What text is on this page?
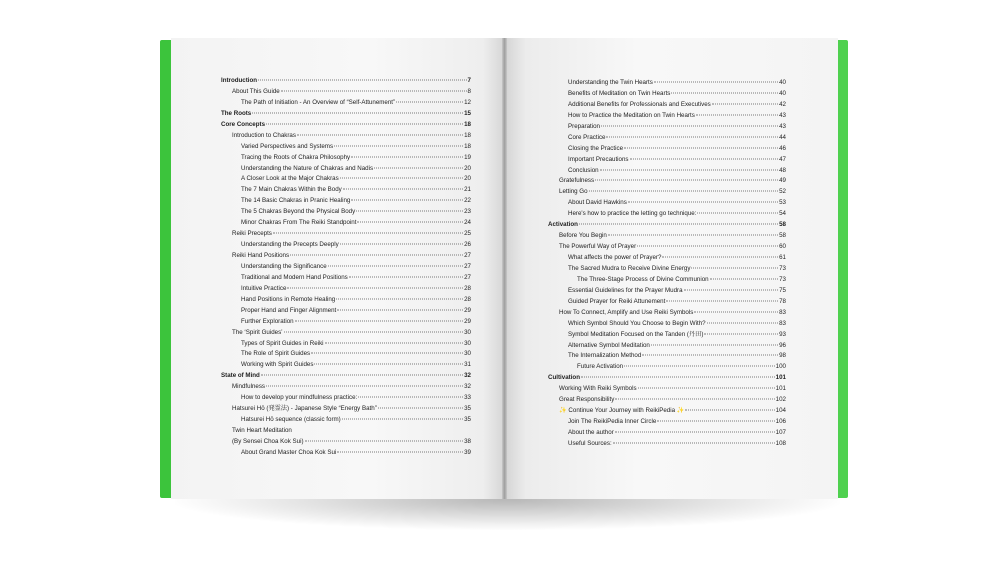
Introduction	7
About This Guide	8
The Path of Initiation - An Overview of “Self-Attunement”	12
The Roots	15
Core Concepts	18
Introduction to Chakras	18
Varied Perspectives and Systems	18
Tracing the Roots of Chakra Philosophy	19
Understanding the Nature of Chakras and Nadis	20
A Closer Look at the Major Chakras	20
The 7 Main Chakras Within the Body	21
The 14 Basic Chakras in Pranic Healing	22
The 5 Chakras Beyond the Physical Body	23
Minor Chakras From The Reiki Standpoint	24
Reiki Precepts	25
Understanding the Precepts Deeply	26
Reiki Hand Positions	27
Understanding the Significance	27
Traditional and Modern Hand Positions	27
Intuitive Practice	28
Hand Positions in Remote Healing	28
Proper Hand and Finger Alignment	29
Further Exploration	29
The ‘Spirit Guides’	30
Types of Spirit Guides in Reiki	30
The Role of Spirit Guides	30
Working with Spirit Guides	31
State of Mind	32
Mindfulness	32
How to develop your mindfulness practice:	33
Hatsurei Hō (発霊法) - Japanese Style “Energy Bath”	35
Hatsurei Hō sequence (classic form)	35
Twin Heart Meditation
(By Sensei Choa Kok Sui)	38
About Grand Master Choa Kok Sui	39
Understanding the Twin Hearts	40
Benefits of Meditation on Twin Hearts	40
Additional Benefits for Professionals and Executives	42
How to Practice the Meditation on Twin Hearts	43
Preparation	43
Core Practice	44
Closing the Practice	46
Important Precautions	47
Conclusion	48
Gratefulness	49
Letting Go	52
About David Hawkins	53
Here's how to practice the letting go technique:	54
Activation	58
Before You Begin	58
The Powerful Way of Prayer	60
What affects the power of Prayer?	61
The Sacred Mudra to Receive Divine Energy	73
The Three-Stage Process of Divine Communion	73
Essential Guidelines for the Prayer Mudra	75
Guided Prayer for Reiki Attunement	78
How To Connect, Amplify and Use Reiki Symbols	83
Which Symbol Should You Choose to Begin With?	83
Symbol Meditation Focused on the Tanden (丹田)	93
Alternative Symbol Meditation	96
The Internalization Method	98
Future Activation	100
Cultivation	101
Working With Reiki Symbols	101
Great Responsibility	102
✨ Continue Your Journey with ReikiPedia ✨	104
Join The ReikiPedia Inner Circle	106
About the author	107
Useful Sources:	108
